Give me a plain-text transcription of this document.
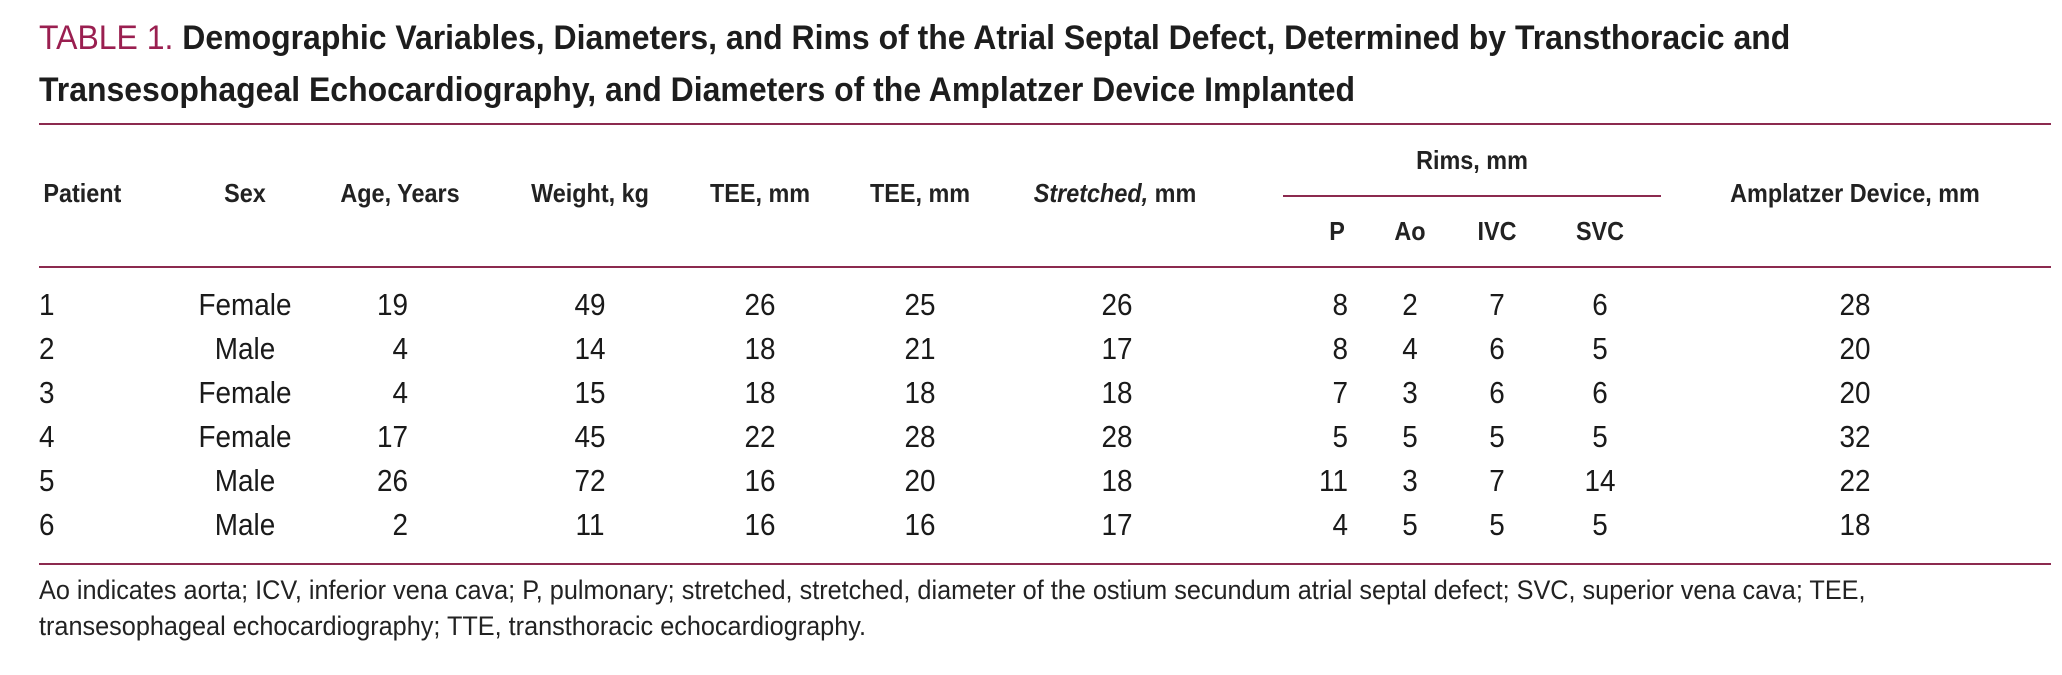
TABLE 1. Demographic Variables, Diameters, and Rims of the Atrial Septal Defect, Determined by Transthoracic and Transesophageal Echocardiography, and Diameters of the Amplatzer Device Implanted
Patient	Sex	Age, Years	Weight, kg	TEE, mm	TEE, mm	Stretched, mm
Rims, mm
P	Ao	IVC	SVC
Amplatzer Device, mm
1	Female	19	49	26	25	26	8	2	7	6	28
2	Male	4	14	18	21	17	8	4	6	5	20
3	Female	4	15	18	18	18	7	3	6	6	20
4	Female	17	45	22	28	28	5	5	5	5	32
5	Male	26	72	16	20	18	11	3	7	14	22
6	Male	2	11	16	16	17	4	5	5	5	18
Ao indicates aorta; ICV, inferior vena cava; P, pulmonary; stretched, stretched, diameter of the ostium secundum atrial septal defect; SVC, superior vena cava; TEE, transesophageal echocardiography; TTE, transthoracic echocardiography.
